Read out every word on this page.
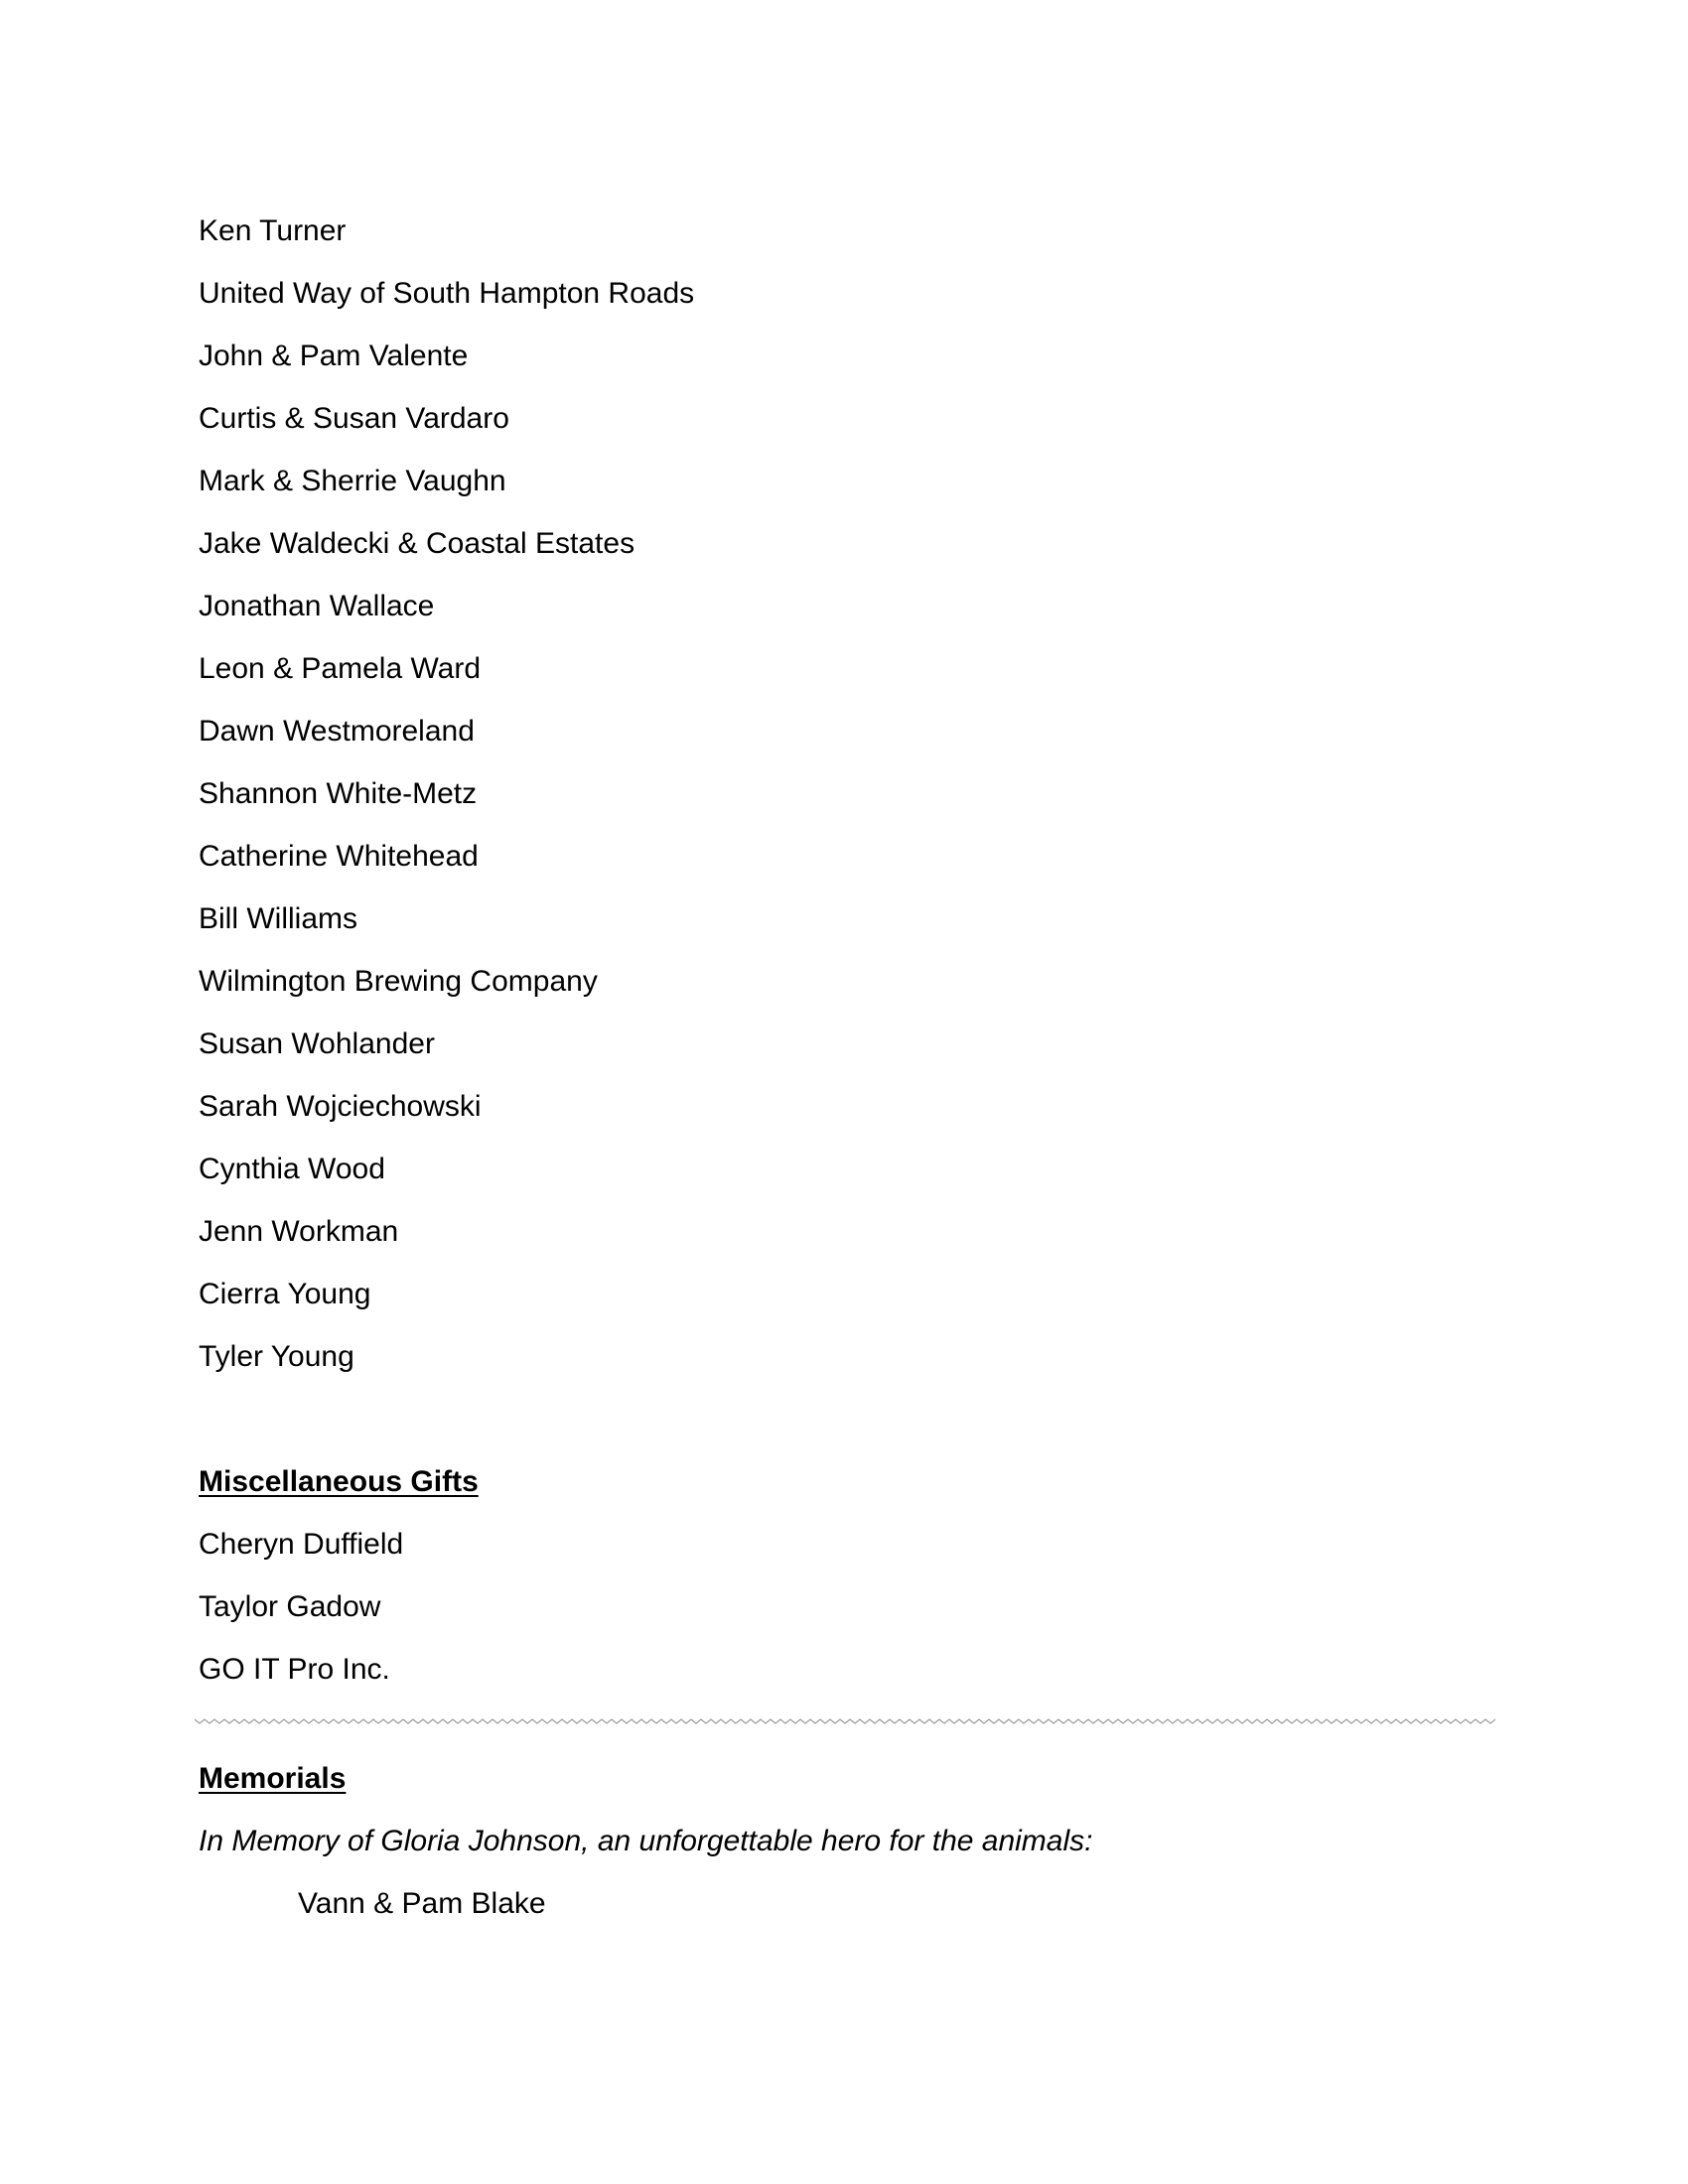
Ken Turner
United Way of South Hampton Roads
John & Pam Valente
Curtis & Susan Vardaro
Mark & Sherrie Vaughn
Jake Waldecki & Coastal Estates
Jonathan Wallace
Leon & Pamela Ward
Dawn Westmoreland
Shannon White-Metz
Catherine Whitehead
Bill Williams
Wilmington Brewing Company
Susan Wohlander
Sarah Wojciechowski
Cynthia Wood
Jenn Workman
Cierra Young
Tyler Young
Miscellaneous Gifts
Cheryn Duffield
Taylor Gadow
GO IT Pro Inc.
Memorials
In Memory of Gloria Johnson, an unforgettable hero for the animals:
Vann & Pam Blake
